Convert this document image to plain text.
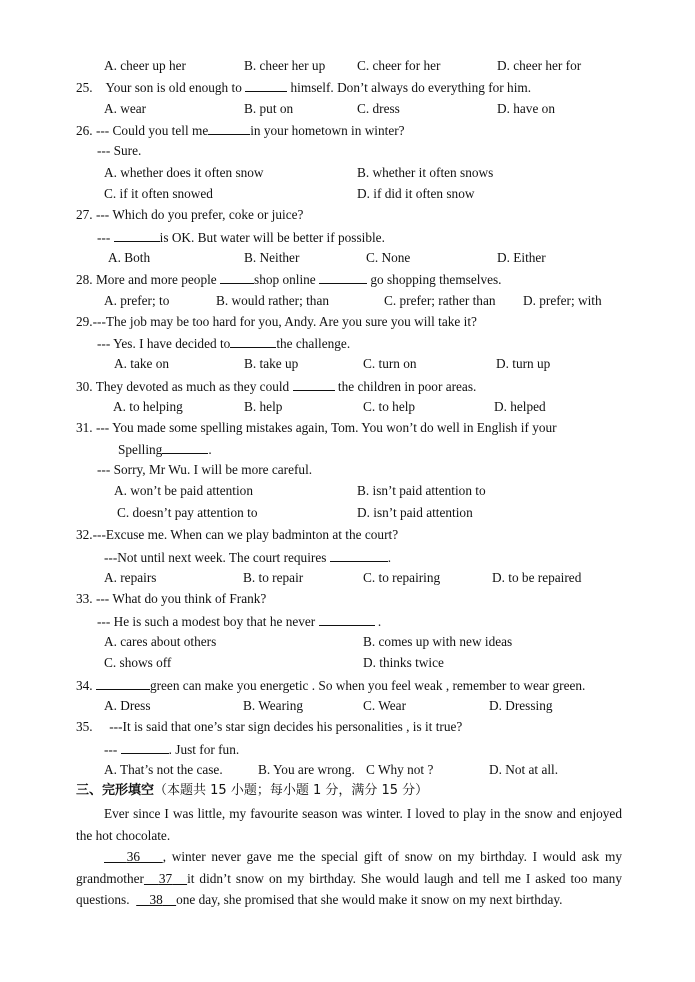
A. cheer up her	B. cheer her up C. cheer for her	D. cheer her for
25. Your son is old enough to	himself. Don’t always do everything for him.
A. wear	B. put on	C. dress	D. have on
26. --- Could you tell me	in your hometown in winter?
--- Sure.
A. whether does it often snow	B. whether it often snows
C. if it often snowed	D. if did it often snow
27. --- Which do you prefer, coke or juice?
---	is OK. But water will be better if possible.
A. Both	B. Neither	C. None	D. Either
28. More and more people	shop online	go shopping themselves.
A. prefer; to	B. would rather; than	C. prefer; rather than D. prefer; with
29.---The job may be too hard for you, Andy. Are you sure you will take it?
--- Yes. I have decided to	the challenge.
A. take on	B. take up	C. turn on	D. turn up
30. They devoted as much as they could	the children in poor areas.
A. to helping	B. help	C. to help	D. helped
31. --- You made some spelling mistakes again, Tom. You won’t do well in English if your
Spelling	.
--- Sorry, Mr Wu. I will be more careful.
A. won’t be paid attention	B. isn’t paid attention to
C. doesn’t pay attention to	D. isn’t paid attention
32.---Excuse me. When can we play badminton at the court?
---Not until next week. The court requires	.
A. repairs	B. to repair	C. to repairing	D. to be repaired
33. --- What do you think of Frank?
--- He is such a modest boy that he never	.
A. cares about others	B. comes up with new ideas
C. shows off	D. thinks twice
34.	green can make you energetic . So when you feel weak , remember to wear green.
A. Dress	B. Wearing	C. Wear	D. Dressing
35. ---It is said that one’s star sign decides his personalities , is it true?
---	. Just for fun.
A. That’s not the case.	B. You are wrong. C Why not ?	D. Not at all.
三、完形填空（本题共 15 小题；每小题 1 分，满分 15 分）
Ever since I was little, my favourite season was winter. I loved to play in the snow and enjoyed the hot chocolate.
36 , winter never gave me the special gift of snow on my birthday. I would ask my grandmother 37 it didn’t snow on my birthday. She would laugh and tell me I asked too many questions. 38 one day, she promised that she would make it snow on my next birthday.
